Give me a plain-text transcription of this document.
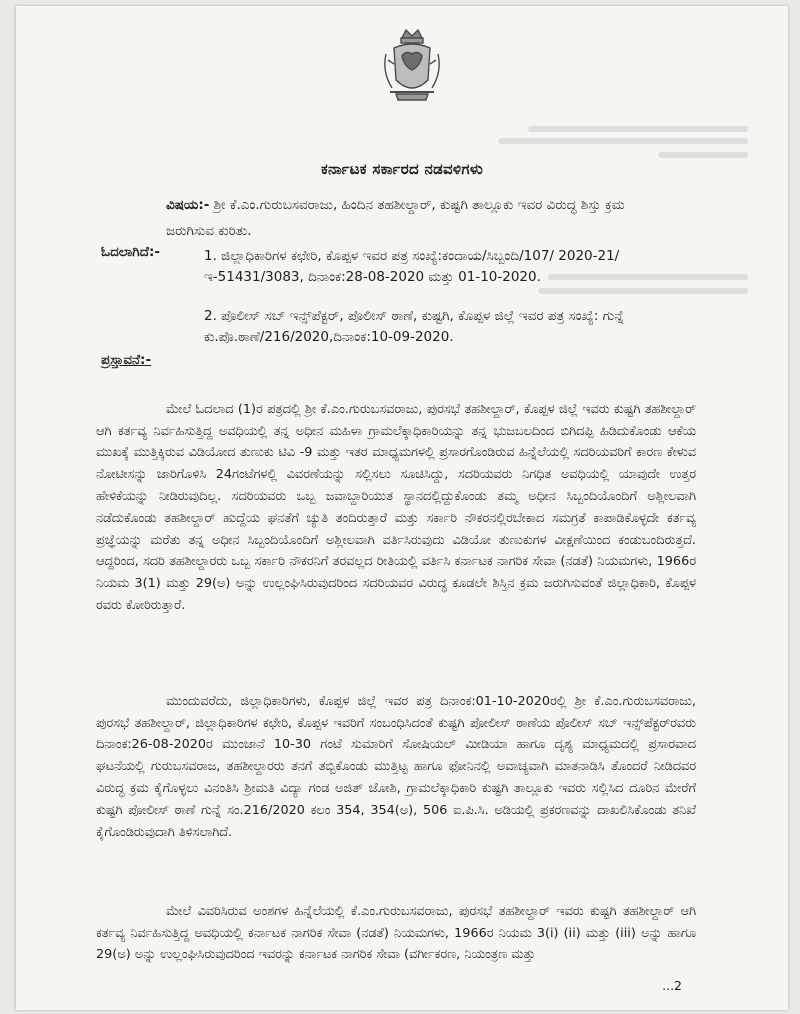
ಕರ್ನಾಟಕ ಸರ್ಕಾರದ ನಡವಳಿಗಳು
ವಿಷಯ:- ಶ್ರೀ ಕೆ.ಎಂ.ಗುರುಬಸವರಾಜು, ಹಿಂದಿನ ತಹಶೀಲ್ದಾರ್, ಕುಷ್ಟಗಿ ತಾಲ್ಲೂಕು ಇವರ ವಿರುದ್ಧ ಶಿಸ್ತು ಕ್ರಮ ಜರುಗಿಸುವ ಕುರಿತು.
ಓದಲಾಗಿದೆ:-	1. ಜಿಲ್ಲಾಧಿಕಾರಿಗಳ ಕಛೇರಿ, ಕೊಪ್ಪಳ ಇವರ ಪತ್ರ ಸಂಖ್ಯೆ:ಕಂದಾಯ/ಸಿಬ್ಬಂದಿ/107/ 2020-21/ಇ-51431/3083, ದಿನಾಂಕ:28-08-2020 ಮತ್ತು 01-10-2020.
2. ಪೊಲೀಸ್ ಸಬ್ ಇನ್ಸ್‌ಪೆಕ್ಟರ್, ಪೊಲೀಸ್ ಠಾಣೆ, ಕುಷ್ಟಗಿ, ಕೊಪ್ಪಳ ಜಿಲ್ಲೆ ಇವರ ಪತ್ರ ಸಂಖ್ಯೆ: ಗುನ್ನೆ ಕು.ಪೊ.ಠಾಣೆ/216/2020,ದಿನಾಂಕ:10-09-2020.
ಪ್ರಸ್ತಾವನೆ:-

ಮೇಲೆ ಓದಲಾದ (1)ರ ಪತ್ರದಲ್ಲಿ ಶ್ರೀ ಕೆ.ಎಂ.ಗುರುಬಸವರಾಜು, ಪುರಸಭೆ ತಹಶೀಲ್ದಾರ್, ಕೊಪ್ಪಳ ಜಿಲ್ಲೆ ಇವರು ಕುಷ್ಟಗಿ ತಹಶೀಲ್ದಾರ್ ಆಗಿ ಕರ್ತವ್ಯ ನಿರ್ವಹಿಸುತ್ತಿದ್ದ ಅವಧಿಯಲ್ಲಿ ತನ್ನ ಅಧೀನ ಮಹಿಳಾ ಗ್ರಾಮಲೆಕ್ಕಾಧಿಕಾರಿಯನ್ನು ತನ್ನ ಭುಜಬಲದಿಂದ ಬಿಗಿದಪ್ಪಿ ಹಿಡಿದುಕೊಂಡು ಆಕೆಯ ಮುಖಕ್ಕೆ ಮುತ್ತಿಕ್ಕಿರುವ ವಿಡಿಯೋದ ತುಣುಕು ಟಿವಿ -9 ಮತ್ತು ಇತರ ಮಾಧ್ಯಮಗಳಲ್ಲಿ ಪ್ರಸಾರಗೊಂಡಿರುವ ಹಿನ್ನೆಲೆಯಲ್ಲಿ ಸದರಿಯವರಿಗೆ ಕಾರಣ ಕೇಳುವ ನೋಟೀಸನ್ನು ಜಾರಿಗೊಳಿಸಿ 24ಗಂಟೆಗಳಲ್ಲಿ ವಿವರಣೆಯನ್ನು ಸಲ್ಲಿಸಲು ಸೂಚಿಸಿದ್ದು, ಸದರಿಯವರು ನಿಗಧಿತ ಅವಧಿಯಲ್ಲಿ ಯಾವುದೇ ಉತ್ತರ ಹೇಳಿಕೆಯನ್ನು ನೀಡಿರುವುದಿಲ್ಲ. ಸದರಿಯವರು ಒಬ್ಬ ಜವಾಬ್ದಾರಿಯುತ ಸ್ಥಾನದಲ್ಲಿದ್ದುಕೊಂಡು ತಮ್ಮ ಅಧೀನ ಸಿಬ್ಬಂದಿಯೊಂದಿಗೆ ಅಶ್ಲೀಲವಾಗಿ ನಡೆದುಕೊಂಡು ತಹಶೀಲ್ದಾರ್ ಹುದ್ದೆಯ ಘನತೆಗೆ ಚ್ಯುತಿ ತಂದಿರುತ್ತಾರೆ ಮತ್ತು ಸರ್ಕಾರಿ ನೌಕರನಲ್ಲಿರಬೇಕಾದ ಸಮಗ್ರತೆ ಕಾಪಾಡಿಕೊಳ್ಳದೇ ಕರ್ತವ್ಯ ಪ್ರಜ್ಞೆಯನ್ನು ಮರೆತು ತನ್ನ ಅಧೀನ ಸಿಬ್ಬಂದಿಯೊಂದಿಗೆ ಅಶ್ಲೀಲವಾಗಿ ವರ್ತಿಸಿರುವುದು ವಿಡಿಯೋ ತುಣುಕುಗಳ ವೀಕ್ಷಣೆಯಿಂದ ಕಂಡುಬಂದಿರುತ್ತದೆ. ಆದ್ದರಿಂದ, ಸದರಿ ತಹಶೀಲ್ದಾರರು ಒಬ್ಬ ಸರ್ಕಾರಿ ನೌಕರನಿಗೆ ತರವಲ್ಲದ ರೀತಿಯಲ್ಲಿ ವರ್ತಿಸಿ ಕರ್ನಾಟಕ ನಾಗರಿಕ ಸೇವಾ (ನಡತೆ) ನಿಯಮಗಳು, 1966ರ ನಿಯಮ 3(1) ಮತ್ತು 29(ಅ) ಅನ್ನು ಉಲ್ಲಂಘಿಸಿರುವುದರಿಂದ ಸದರಿಯವರ ವಿರುದ್ಧ ಕೂಡಲೇ ಶಿಸ್ತಿನ ಕ್ರಮ ಜರುಗಿಸುವಂತೆ ಜಿಲ್ಲಾಧಿಕಾರಿ, ಕೊಪ್ಪಳ ರವರು ಕೋರಿರುತ್ತಾರೆ.

ಮುಂದುವರೆದು, ಜಿಲ್ಲಾಧಿಕಾರಿಗಳು, ಕೊಪ್ಪಳ ಜಿಲ್ಲೆ ಇವರ ಪತ್ರ ದಿನಾಂಕ:01-10-2020ರಲ್ಲಿ ಶ್ರೀ ಕೆ.ಎಂ.ಗುರುಬಸವರಾಜು, ಪುರಸಭೆ ತಹಶೀಲ್ದಾರ್, ಜಿಲ್ಲಾಧಿಕಾರಿಗಳ ಕಛೇರಿ, ಕೊಪ್ಪಳ ಇವರಿಗೆ ಸಂಬಂಧಿಸಿದಂತೆ ಕುಷ್ಟಗಿ ಪೋಲೀಸ್ ಠಾಣೆಯ ಪೊಲೀಸ್ ಸಬ್ ಇನ್ಸ್‌ಪೆಕ್ಟರ್‌ರವರು ದಿನಾಂಕ:26-08-2020ರ ಮುಂಜಾನೆ 10-30 ಗಂಟೆ ಸುಮಾರಿಗೆ ಸೋಷಿಯಲ್ ಮೀಡಿಯಾ ಹಾಗೂ ದೃಶ್ಯ ಮಾಧ್ಯಮದಲ್ಲಿ ಪ್ರಸಾರವಾದ ಘಟನೆಯಲ್ಲಿ ಗುರುಬಸವರಾಜ, ತಹಶೀಲ್ದಾರರು ತನಗೆ ತಬ್ಬಿಕೊಂಡು ಮುತ್ತಿಟ್ಟ ಹಾಗೂ ಫೋನಿನಲ್ಲಿ ಅವಾಚ್ಯವಾಗಿ ಮಾತನಾಡಿಸಿ ತೊಂದರೆ ನೀಡಿದವರ ವಿರುದ್ಧ ಕ್ರಮ ಕೈಗೊಳ್ಳಲು ವಿನಂತಿಸಿ ಶ್ರೀಮತಿ ವಿದ್ಯಾ ಗಂಡ ಅಜಿತ್ ಜೋಶಿ, ಗ್ರಾಮಲೆಕ್ಕಾಧಿಕಾರಿ ಕುಷ್ಟಗಿ ತಾಲ್ಲೂಕು ಇವರು ಸಲ್ಲಿಸಿದ ದೂರಿನ ಮೇರೆಗೆ ಕುಷ್ಟಗಿ ಪೋಲೀಸ್ ಠಾಣೆ ಗುನ್ನೆ ಸಂ.216/2020 ಕಲಂ 354, 354(ಅ), 506 ಐ.ಪಿ.ಸಿ. ಅಡಿಯಲ್ಲಿ ಪ್ರಕರಣವನ್ನು ದಾಖಲಿಸಿಕೊಂಡು ತನಿಖೆ ಕೈಗೊಂಡಿರುವುದಾಗಿ ತಿಳಿಸಲಾಗಿದೆ.

ಮೇಲೆ ವಿವರಿಸಿರುವ ಅಂಶಗಳ ಹಿನ್ನೆಲೆಯಲ್ಲಿ ಕೆ.ಎಂ.ಗುರುಬಸವರಾಜು, ಪುರಸಭೆ ತಹಶೀಲ್ದಾರ್ ಇವರು ಕುಷ್ಟಗಿ ತಹಶೀಲ್ದಾರ್ ಆಗಿ ಕರ್ತವ್ಯ ನಿರ್ವಹಿಸುತ್ತಿದ್ದ ಅವಧಿಯಲ್ಲಿ ಕರ್ನಾಟಕ ನಾಗರಿಕ ಸೇವಾ (ನಡತೆ) ನಿಯಮಗಳು, 1966ರ ನಿಯಮ 3(i) (ii) ಮತ್ತು (iii) ಅನ್ನು ಹಾಗೂ 29(ಅ) ಅನ್ನು ಉಲ್ಲಂಘಿಸಿರುವುದರಿಂದ ಇವರನ್ನು ಕರ್ನಾಟಕ ನಾಗರಿಕ ಸೇವಾ (ವರ್ಗೀಕರಣ, ನಿಯಂತ್ರಣ ಮತ್ತು

...2
